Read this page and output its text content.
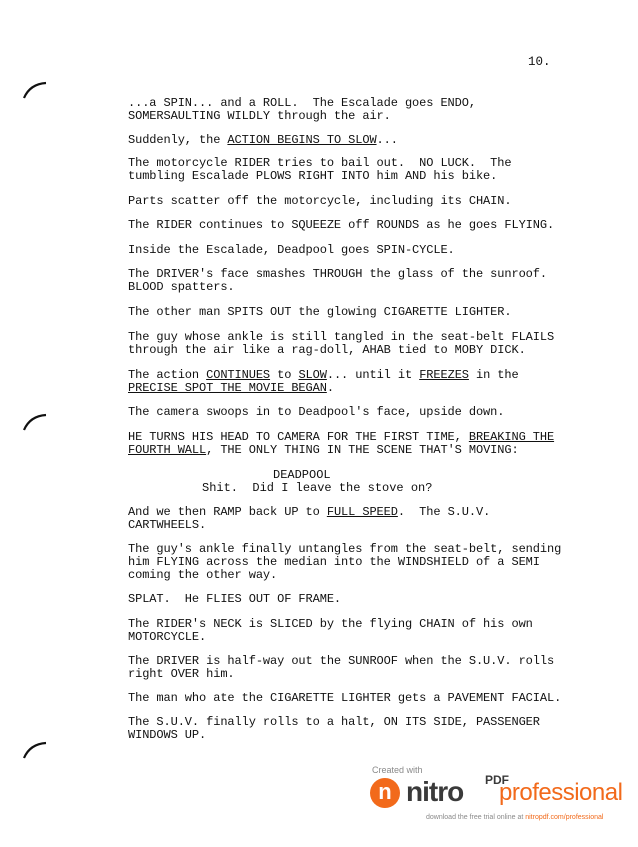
10.
...a SPIN... and a ROLL.  The Escalade goes ENDO,
SOMERSAULTING WILDLY through the air.
Suddenly, the ACTION BEGINS TO SLOW...
The motorcycle RIDER tries to bail out.  NO LUCK.  The
tumbling Escalade PLOWS RIGHT INTO him AND his bike.
Parts scatter off the motorcycle, including its CHAIN.
The RIDER continues to SQUEEZE off ROUNDS as he goes FLYING.
Inside the Escalade, Deadpool goes SPIN-CYCLE.
The DRIVER's face smashes THROUGH the glass of the sunroof.
BLOOD spatters.
The other man SPITS OUT the glowing CIGARETTE LIGHTER.
The guy whose ankle is still tangled in the seat-belt FLAILS
through the air like a rag-doll, AHAB tied to MOBY DICK.
The action CONTINUES to SLOW... until it FREEZES in the
PRECISE SPOT THE MOVIE BEGAN.
The camera swoops in to Deadpool's face, upside down.
HE TURNS HIS HEAD TO CAMERA FOR THE FIRST TIME, BREAKING THE
FOURTH WALL, THE ONLY THING IN THE SCENE THAT'S MOVING:
DEADPOOL
Shit.  Did I leave the stove on?
And we then RAMP back UP to FULL SPEED.  The S.U.V.
CARTWHEELS.
The guy's ankle finally untangles from the seat-belt, sending
him FLYING across the median into the WINDSHIELD of a SEMI
coming the other way.
SPLAT.  He FLIES OUT OF FRAME.
The RIDER's NECK is SLICED by the flying CHAIN of his own
MOTORCYCLE.
The DRIVER is half-way out the SUNROOF when the S.U.V. rolls
right OVER him.
The man who ate the CIGARETTE LIGHTER gets a PAVEMENT FACIAL.
The S.U.V. finally rolls to a halt, ON ITS SIDE, PASSENGER
WINDOWS UP.
Created with
n nitro PDF
professional
download the free trial online at nitropdf.com/professional
